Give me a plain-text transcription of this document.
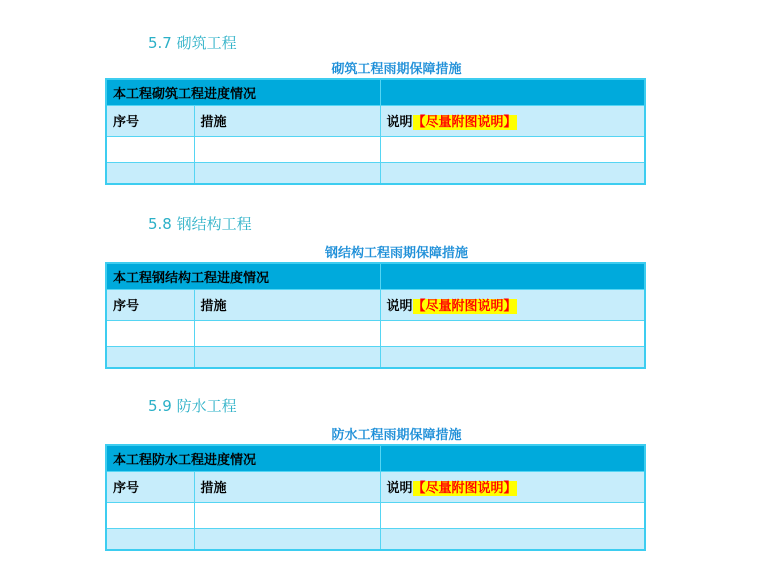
5.7 砌筑工程
砌筑工程雨期保障措施
本工程砌筑工程进度情况		
序号	措施	说明【尽量附图说明】

5.8 钢结构工程
钢结构工程雨期保障措施
本工程钢结构工程进度情况		
序号	措施	说明【尽量附图说明】

5.9 防水工程
防水工程雨期保障措施
本工程防水工程进度情况		
序号	措施	说明【尽量附图说明】
